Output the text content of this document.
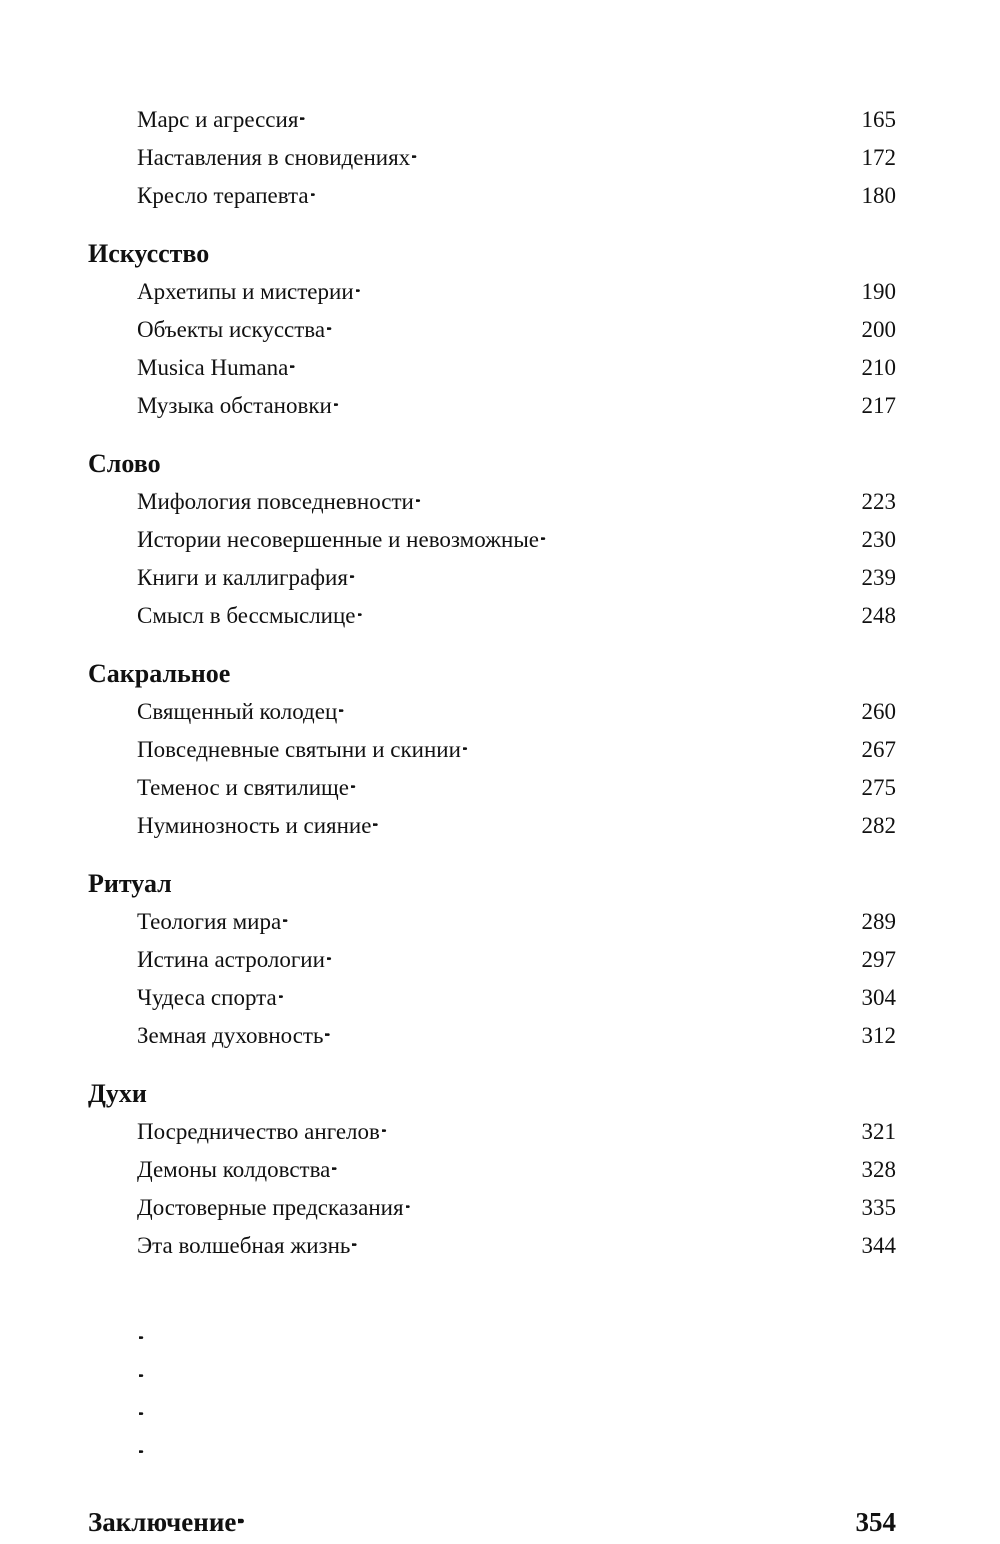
Марс и агрессия . . .	165
Наставления в сновидениях . . .	172
Кресло терапевта . . .	180
Искусство
Архетипы и мистерии . . .	190
Объекты искусства . . .	200
Musica Humana . . .	210
Музыка обстановки . . .	217
Слово
Мифология повседневности . . .	223
Истории несовершенные и невозможные . . .	230
Книги и каллиграфия . . .	239
Смысл в бессмыслице . . .	248
Сакральное
Священный колодец . . .	260
Повседневные святыни и скинии . . .	267
Теменос и святилище . . .	275
Нуминозность и сияние . . .	282
Ритуал
Теология мира . . .	289
Истина астрологии . . .	297
Чудеса спорта . . .	304
Земная духовность . . .	312
Духи
Посредничество ангелов . . .	321
Демоны колдовства . . .	328
Достоверные предсказания . . .	335
Эта волшебная жизнь . . .	344
. . .
. . .
. . .
. . .
Заключение . . .	354
